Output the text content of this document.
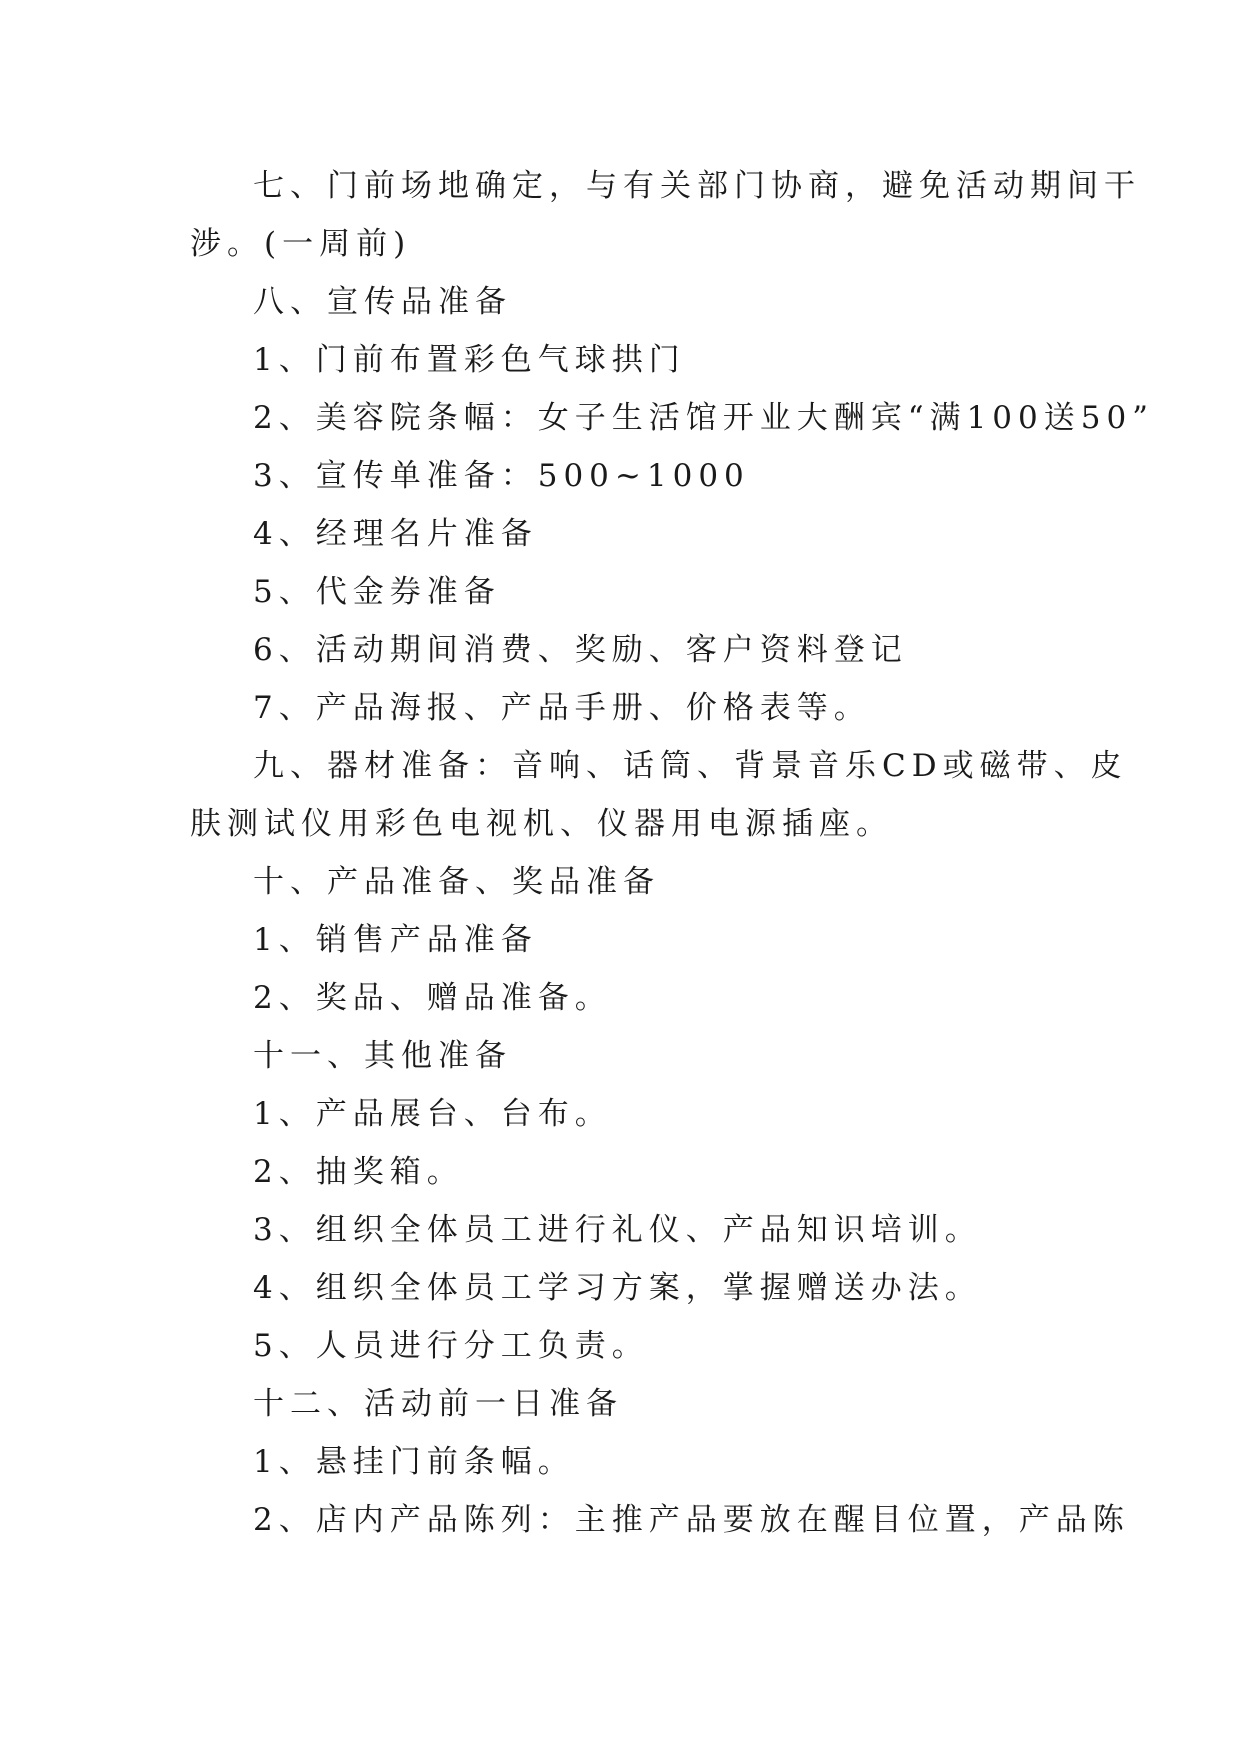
七、门前场地确定，与有关部门协商，避免活动期间干
涉。(一周前)
八、宣传品准备
1、门前布置彩色气球拱门
2、美容院条幅：女子生活馆开业大酬宾“满100送50”
3、宣传单准备：500~1000
4、经理名片准备
5、代金券准备
6、活动期间消费、奖励、客户资料登记
7、产品海报、产品手册、价格表等。
九、器材准备：音响、话筒、背景音乐CD或磁带、皮
肤测试仪用彩色电视机、仪器用电源插座。
十、产品准备、奖品准备
1、销售产品准备
2、奖品、赠品准备。
十一、其他准备
1、产品展台、台布。
2、抽奖箱。
3、组织全体员工进行礼仪、产品知识培训。
4、组织全体员工学习方案，掌握赠送办法。
5、人员进行分工负责。
十二、活动前一日准备
1、悬挂门前条幅。
2、店内产品陈列：主推产品要放在醒目位置，产品陈
